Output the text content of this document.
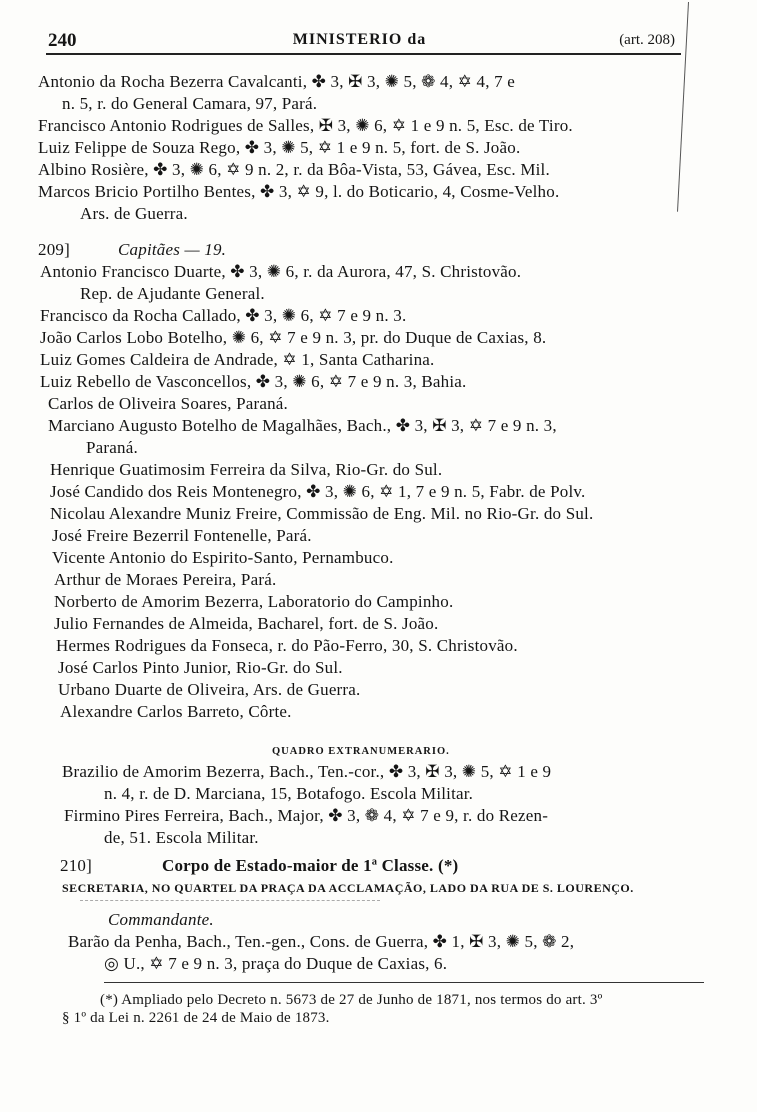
240	MINISTERIO da	(art. 208)
Antonio da Rocha Bezerra Cavalcanti, ✤ 3, ✠ 3, ✺ 5, ❁ 4, ✡ 4, 7 e
n. 5, r. do General Camara, 97, Pará.
Francisco Antonio Rodrigues de Salles, ✠ 3, ✺ 6, ✡ 1 e 9 n. 5, Esc. de Tiro.
Luiz Felippe de Souza Rego, ✤ 3, ✺ 5, ✡ 1 e 9 n. 5, fort. de S. João.
Albino Rosière, ✤ 3, ✺ 6, ✡ 9 n. 2, r. da Bôa-Vista, 53, Gávea, Esc. Mil.
Marcos Bricio Portilho Bentes, ✤ 3, ✡ 9, l. do Boticario, 4, Cosme-Velho.
Ars. de Guerra.
209]	Capitães — 19.
Antonio Francisco Duarte, ✤ 3, ✺ 6, r. da Aurora, 47, S. Christovão.
Rep. de Ajudante General.
Francisco da Rocha Callado, ✤ 3, ✺ 6, ✡ 7 e 9 n. 3.
João Carlos Lobo Botelho, ✺ 6, ✡ 7 e 9 n. 3, pr. do Duque de Caxias, 8.
Luiz Gomes Caldeira de Andrade, ✡ 1, Santa Catharina.
Luiz Rebello de Vasconcellos, ✤ 3, ✺ 6, ✡ 7 e 9 n. 3, Bahia.
Carlos de Oliveira Soares, Paraná.
Marciano Augusto Botelho de Magalhães, Bach., ✤ 3, ✠ 3, ✡ 7 e 9 n. 3,
Paraná.
Henrique Guatimosim Ferreira da Silva, Rio-Gr. do Sul.
José Candido dos Reis Montenegro, ✤ 3, ✺ 6, ✡ 1, 7 e 9 n. 5, Fabr. de Polv.
Nicolau Alexandre Muniz Freire, Commissão de Eng. Mil. no Rio-Gr. do Sul.
José Freire Bezerril Fontenelle, Pará.
Vicente Antonio do Espirito-Santo, Pernambuco.
Arthur de Moraes Pereira, Pará.
Norberto de Amorim Bezerra, Laboratorio do Campinho.
Julio Fernandes de Almeida, Bacharel, fort. de S. João.
Hermes Rodrigues da Fonseca, r. do Pão-Ferro, 30, S. Christovão.
José Carlos Pinto Junior, Rio-Gr. do Sul.
Urbano Duarte de Oliveira, Ars. de Guerra.
Alexandre Carlos Barreto, Côrte.
QUADRO EXTRANUMERARIO.
Brazilio de Amorim Bezerra, Bach., Ten.-cor., ✤ 3, ✠ 3, ✺ 5, ✡ 1 e 9
n. 4, r. de D. Marciana, 15, Botafogo. Escola Militar.
Firmino Pires Ferreira, Bach., Major, ✤ 3, ❁ 4, ✡ 7 e 9, r. do Rezen-
de, 51. Escola Militar.
210]	Corpo de Estado-maior de 1ª Classe. (*)
SECRETARIA, NO QUARTEL DA PRAÇA DA ACCLAMAÇÃO, LADO DA RUA DE S. LOURENÇO.
Commandante.
Barão da Penha, Bach., Ten.-gen., Cons. de Guerra, ✤ 1, ✠ 3, ✺ 5, ❁ 2,
◎ U., ✡ 7 e 9 n. 3, praça do Duque de Caxias, 6.
(*) Ampliado pelo Decreto n. 5673 de 27 de Junho de 1871, nos termos do art. 3º
§ 1º da Lei n. 2261 de 24 de Maio de 1873.
